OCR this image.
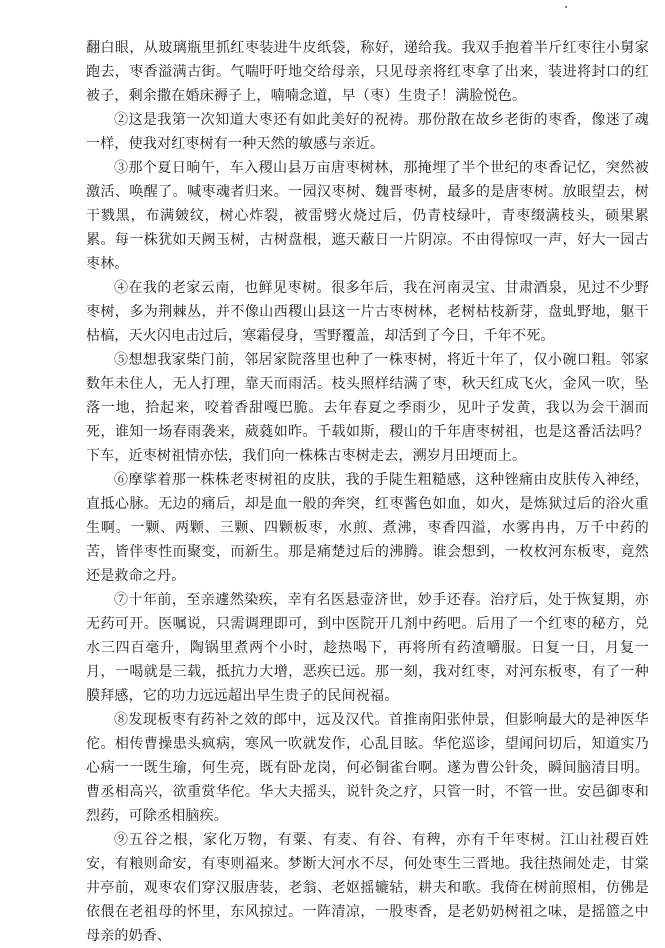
翻白眼，从玻璃瓶里抓红枣装进牛皮纸袋，称好，递给我。我双手抱着半斤红枣往小舅家跑去，枣香溢满古街。气喘吁吁地交给母亲，只见母亲将红枣拿了出来，装进将封口的红被子，剩余撒在婚床褥子上，喃喃念道，早（枣）生贵子！满脸悦色。

②这是我第一次知道大枣还有如此美好的祝祷。那份散在故乡老街的枣香，像迷了魂一样，使我对红枣树有一种天然的敏感与亲近。

③那个夏日晌午，车入稷山县万亩唐枣树林，那掩埋了半个世纪的枣香记忆，突然被激活、唤醒了。喊枣魂者归来。一园汉枣树、魏晋枣树，最多的是唐枣树。放眼望去，树干戮黑，布满皴纹，树心炸裂，被雷劈火烧过后，仍青枝绿叶，青枣缀满枝头，硕果累累。每一株犹如天阙玉树，古树盘根，遮天蔽日一片阴凉。不由得惊叹一声，好大一园古枣林。

④在我的老家云南，也鲜见枣树。很多年后，我在河南灵宝、甘肃酒泉，见过不少野枣树，多为荆棘丛，并不像山西稷山县这一片古枣树林，老树枯枝新芽，盘虬野地，躯干枯槁，天火闪电击过后，寒霜侵身，雪野覆盖，却活到了今日，千年不死。

⑤想想我家柴门前，邻居家院落里也种了一株枣树，将近十年了，仅小碗口粗。邻家数年未住人，无人打理，靠天而雨活。枝头照样结满了枣，秋天红成飞火，金风一吹，坠落一地，拾起来，咬着香甜嘎巴脆。去年春夏之季雨少，见叶子发黄，我以为会干涸而死，谁知一场春雨袭来，葳蕤如昨。千载如斯，稷山的千年唐枣树祖，也是这番活法吗？下车，近枣树祖情亦怯，我们向一株株古枣树走去，溯岁月田埂而上。

⑥摩挲着那一株株老枣树祖的皮肤，我的手陡生粗糙感，这种锉痛由皮肤传入神经，直抵心脉。无边的痛后，却是血一般的奔突，红枣酱色如血，如火，是炼狱过后的浴火重生啊。一颗、两颗、三颗、四颗板枣，水煎、煮沸，枣香四溢，水雾冉冉，万千中药的苦，皆伴枣性而聚变，而新生。那是痛楚过后的沸腾。谁会想到，一枚枚河东板枣，竟然还是救命之丹。

⑦十年前，至亲遽然染疾，幸有名医悬壶济世，妙手还春。治疗后，处于恢复期，亦无药可开。医嘱说，只需调理即可，到中医院开几剂中药吧。后用了一个红枣的秘方，兑水三四百毫升，陶锅里煮两个小时，趁热喝下，再将所有药渣嚼服。日复一日，月复一月，一喝就是三载，抵抗力大增，恶疾已远。那一刻，我对红枣，对河东板枣，有了一种膜拜感，它的功力远远超出早生贵子的民间祝福。

⑧发现板枣有药补之效的郎中，远及汉代。首推南阳张仲景，但影响最大的是神医华佗。相传曹操患头疯病，寒风一吹就发作，心乱目眩。华佗巡诊，望闻问切后，知道实乃心病一一既生瑜，何生亮，既有卧龙岗，何必铜雀台啊。遂为曹公针灸，瞬间脑清目明。曹丞相高兴，欲重赏华佗。华大夫摇头，说针灸之疗，只管一时，不管一世。安邑御枣和烈药，可除丞相脑疾。

⑨五谷之根，家化万物，有粟、有麦、有谷、有稗，亦有千年枣树。江山社稷百姓安，有粮则命安，有枣则福来。梦断大河水不尽，何处枣生三晋地。我往热闹处走，甘棠井亭前，观枣农们穿汉服唐装，老翁、老妪摇辘轱，耕夫和歌。我倚在树前照相，仿佛是依偎在老祖母的怀里，东风掠过。一阵清凉，一股枣香，是老奶奶树祖之味，是摇篮之中母亲的奶香、
